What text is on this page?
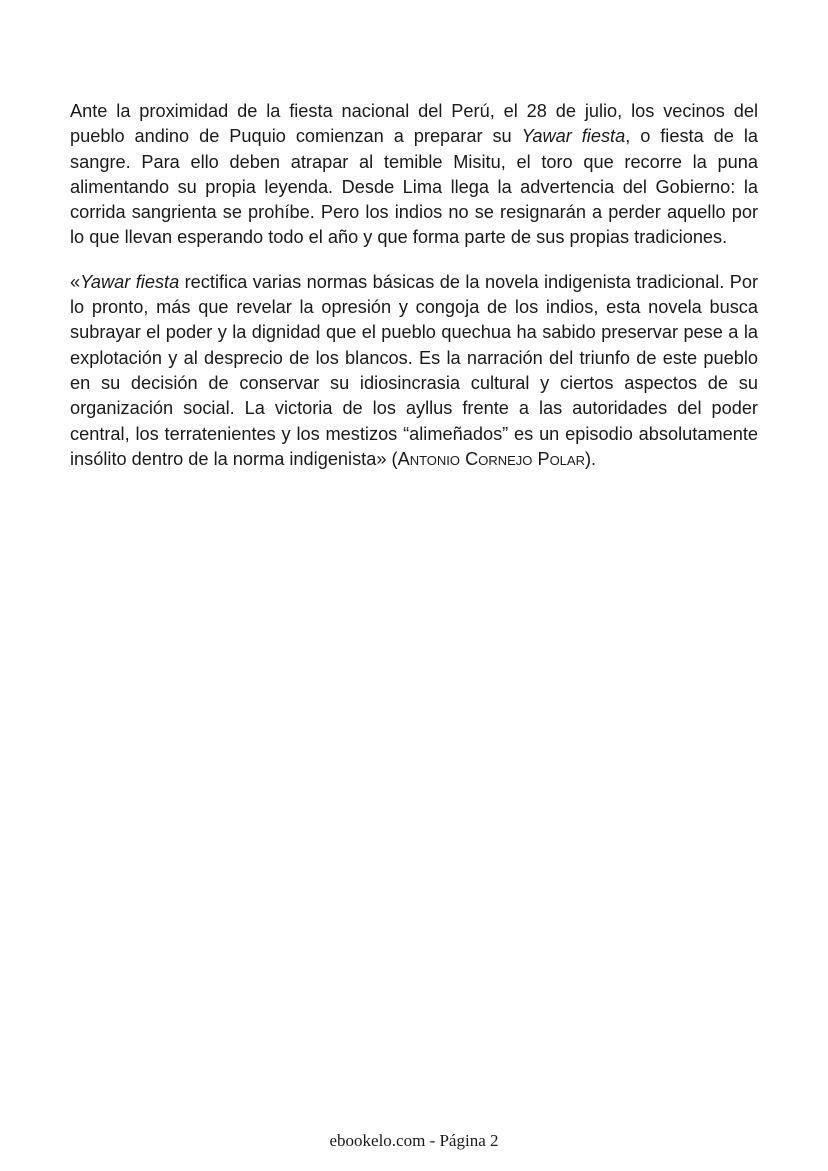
Ante la proximidad de la fiesta nacional del Perú, el 28 de julio, los vecinos del pueblo andino de Puquio comienzan a preparar su Yawar fiesta, o fiesta de la sangre. Para ello deben atrapar al temible Misitu, el toro que recorre la puna alimentando su propia leyenda. Desde Lima llega la advertencia del Gobierno: la corrida sangrienta se prohíbe. Pero los indios no se resignarán a perder aquello por lo que llevan esperando todo el año y que forma parte de sus propias tradiciones.

«Yawar fiesta rectifica varias normas básicas de la novela indigenista tradicional. Por lo pronto, más que revelar la opresión y congoja de los indios, esta novela busca subrayar el poder y la dignidad que el pueblo quechua ha sabido preservar pese a la explotación y al desprecio de los blancos. Es la narración del triunfo de este pueblo en su decisión de conservar su idiosincrasia cultural y ciertos aspectos de su organización social. La victoria de los ayllus frente a las autoridades del poder central, los terratenientes y los mestizos “alimeñados” es un episodio absolutamente insólito dentro de la norma indigenista» (Antonio Cornejo Polar).

ebookelo.com - Página 2
